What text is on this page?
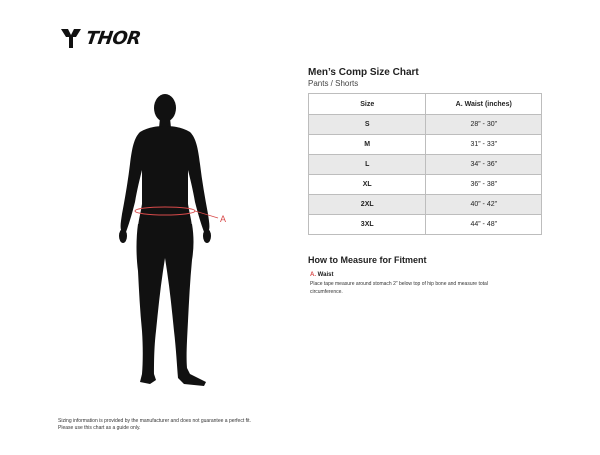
THOR
A
Men’s Comp Size Chart
Pants / Shorts
Size	A. Waist (inches)
S	28” - 30”
M	31” - 33”
L	34” - 36”
XL	36” - 38”
2XL	40” - 42”
3XL	44” - 48”
How to Measure for Fitment
A. Waist
Place tape measure around stomach 2” below top of hip bone and measure total circumference.
Sizing information is provided by the manufacturer and does not guarantee a perfect fit.
Please use this chart as a guide only.
